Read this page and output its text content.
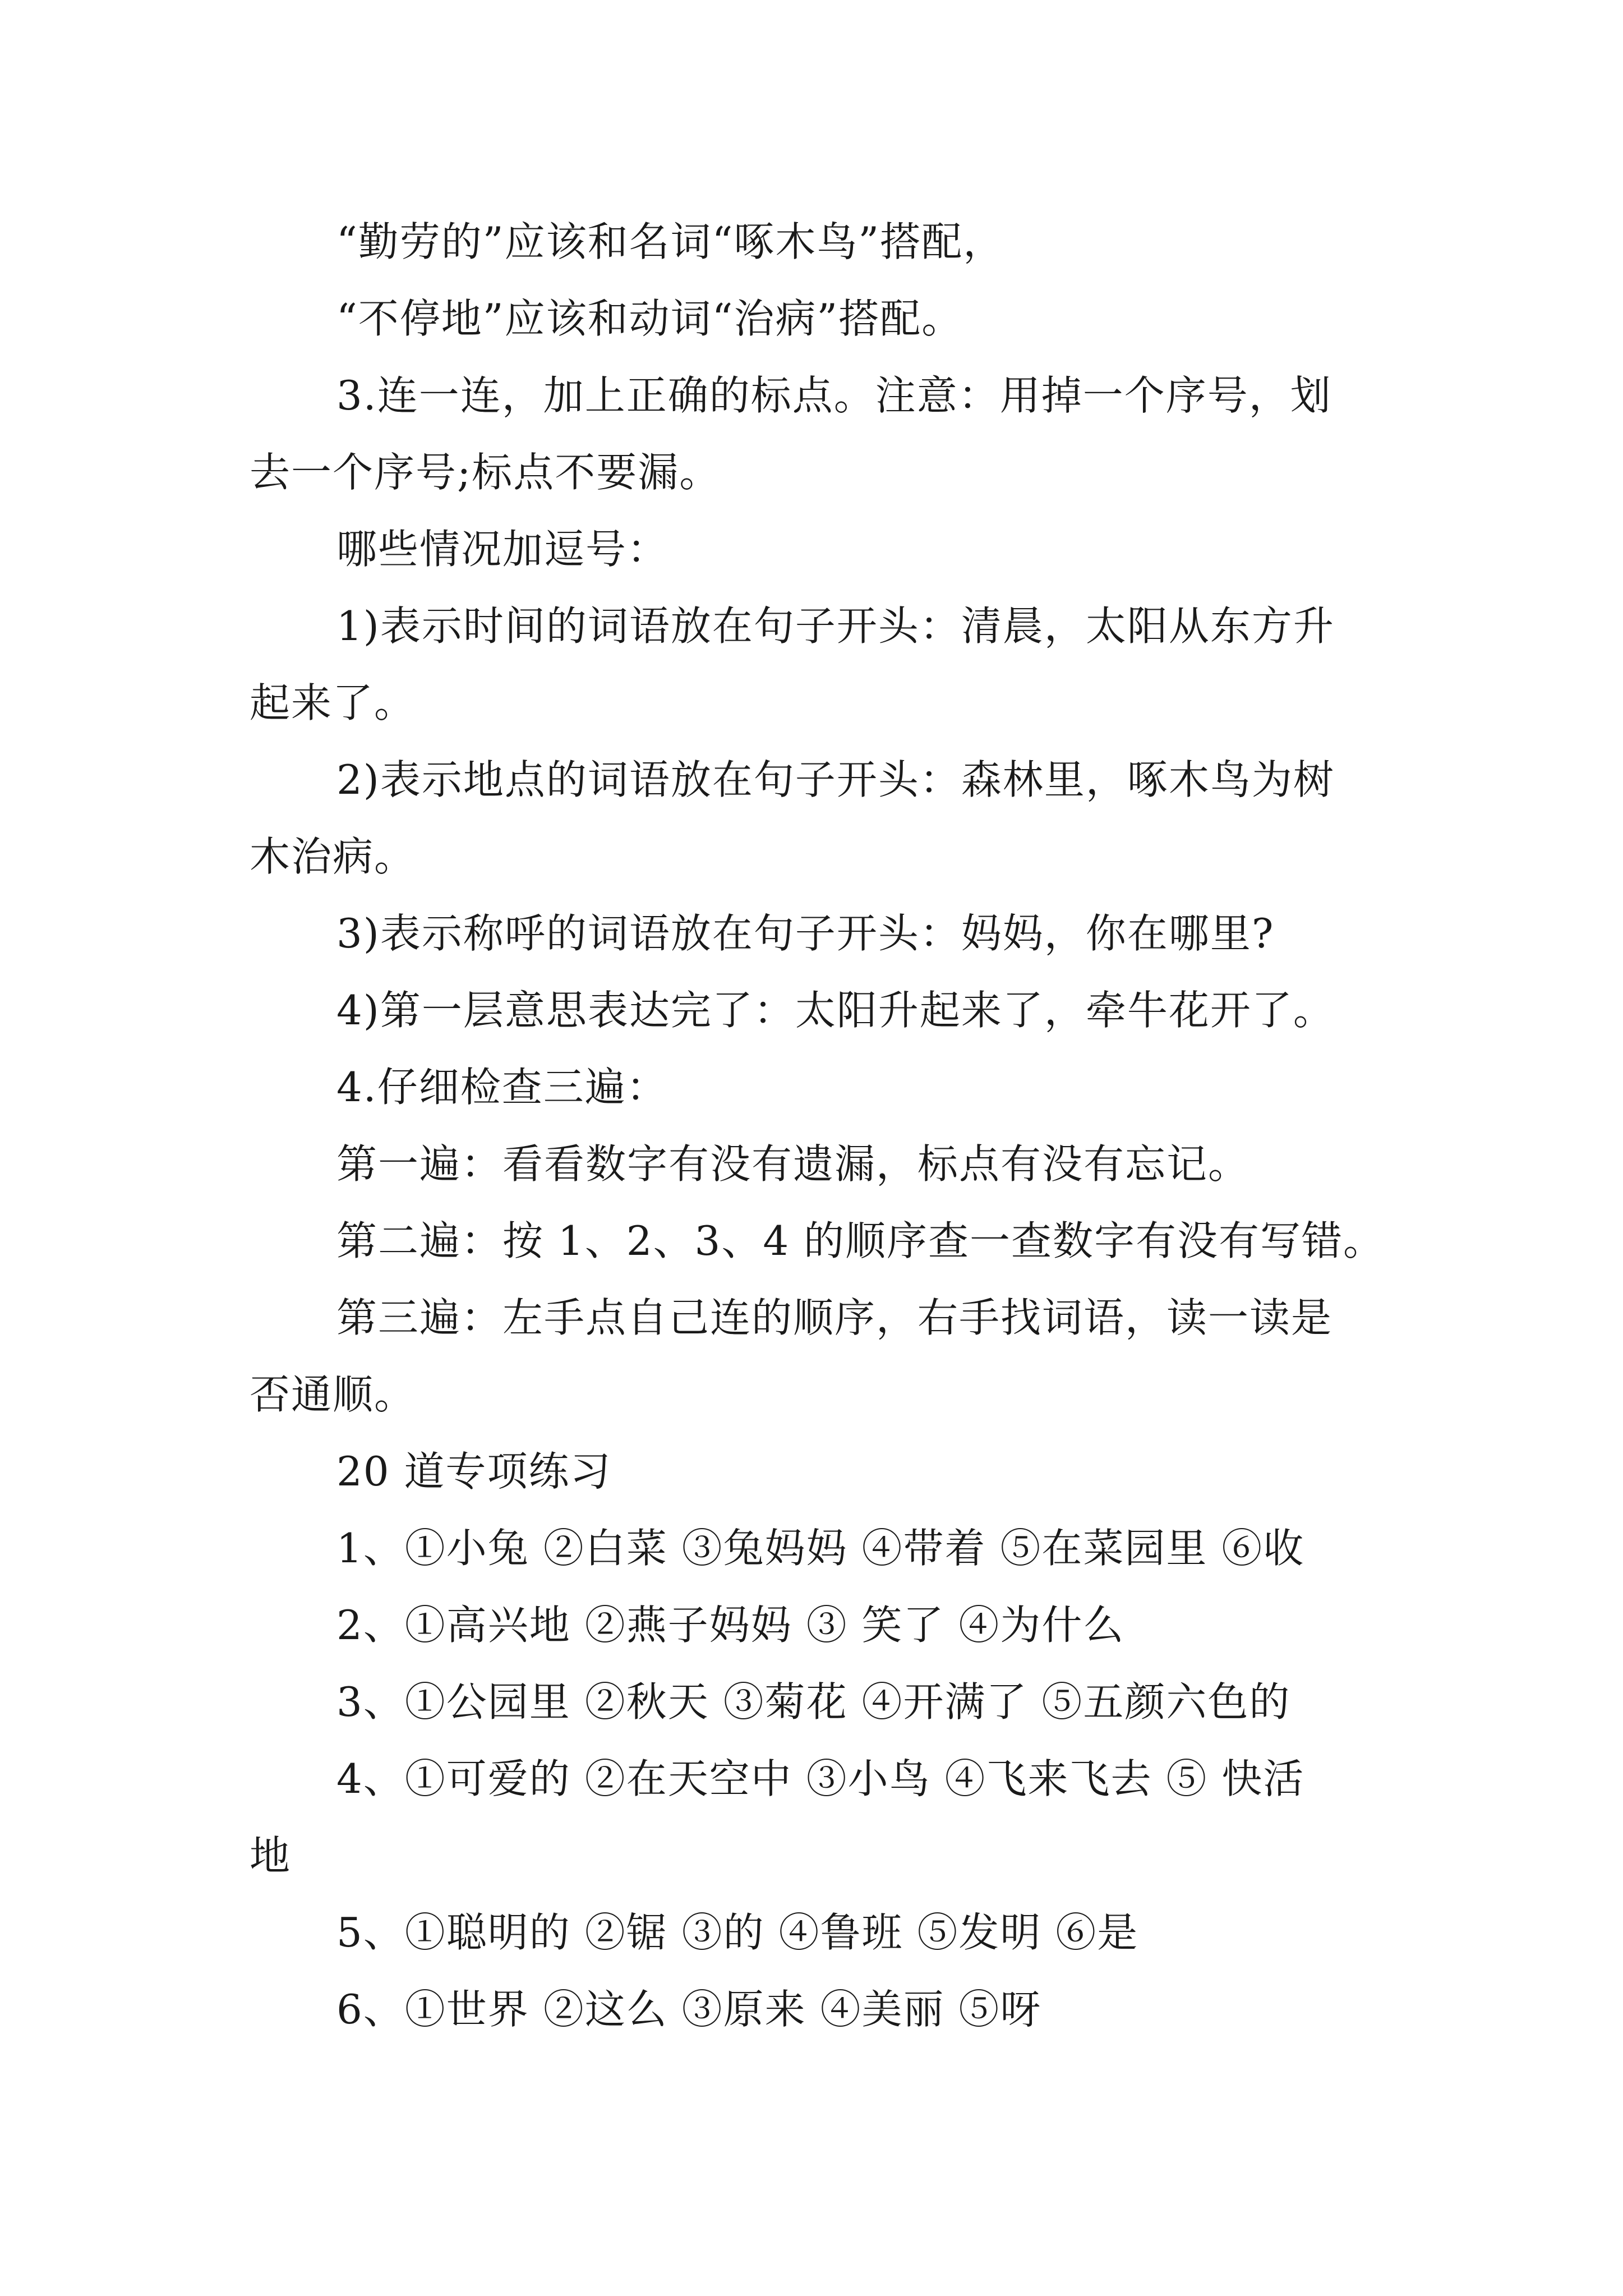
“勤劳的”应该和名词“啄木鸟”搭配，
“不停地”应该和动词“治病”搭配。
3.连一连，加上正确的标点。注意：用掉一个序号，划
去一个序号;标点不要漏。
哪些情况加逗号：
1)表示时间的词语放在句子开头：清晨，太阳从东方升
起来了。
2)表示地点的词语放在句子开头：森林里，啄木鸟为树
木治病。
3)表示称呼的词语放在句子开头：妈妈，你在哪里?
4)第一层意思表达完了：太阳升起来了，牵牛花开了。
4.仔细检查三遍：
第一遍：看看数字有没有遗漏，标点有没有忘记。
第二遍：按 1、2、3、4 的顺序查一查数字有没有写错。
第三遍：左手点自己连的顺序，右手找词语，读一读是
否通顺。
20 道专项练习
1、①小兔 ②白菜 ③兔妈妈 ④带着 ⑤在菜园里 ⑥收
2、①高兴地 ②燕子妈妈 ③ 笑了 ④为什么
3、①公园里 ②秋天 ③菊花 ④开满了 ⑤五颜六色的
4、①可爱的 ②在天空中 ③小鸟 ④飞来飞去 ⑤ 快活
地
5、①聪明的 ②锯 ③的 ④鲁班 ⑤发明 ⑥是
6、①世界 ②这么 ③原来 ④美丽 ⑤呀
